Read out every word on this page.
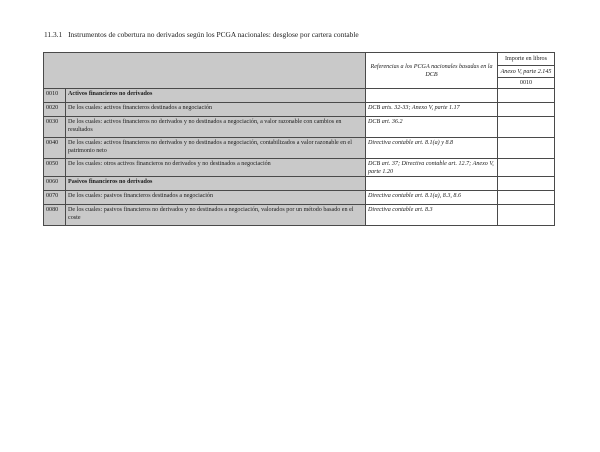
11.3.1 Instrumentos de cobertura no derivados según los PCGA nacionales: desglose por cartera contable
		Referencias a los PCGA nacionales basadas en la DCB	Importe en libros
			Anexo V, parte 2.145
			0010
0010	Activos financieros no derivados		
0020	De los cuales: activos financieros destinados a negociación	DCB arts. 32-33; Anexo V, parte 1.17	
0030	De los cuales: activos financieros no derivados y no destinados a negociación, a valor razonable con cambios en resultados	DCB art. 36.2	
0040	De los cuales: activos financieros no derivados y no destinados a negociación, contabilizados a valor razonable en el patrimonio neto	Directiva contable art. 8.1(a) y 8.8	
0050	De los cuales: otros activos financieros no derivados y no destinados a negociación	DCB art. 37; Directiva contable art. 12.7; Anexo V, parte 1.20	
0060	Pasivos financieros no derivados		
0070	De los cuales: pasivos financieros destinados a negociación	Directiva contable art. 8.1(a), 8.3, 8.6	
0080	De los cuales: pasivos financieros no derivados y no destinados a negociación, valorados por un método basado en el coste	Directiva contable art. 8.3	
